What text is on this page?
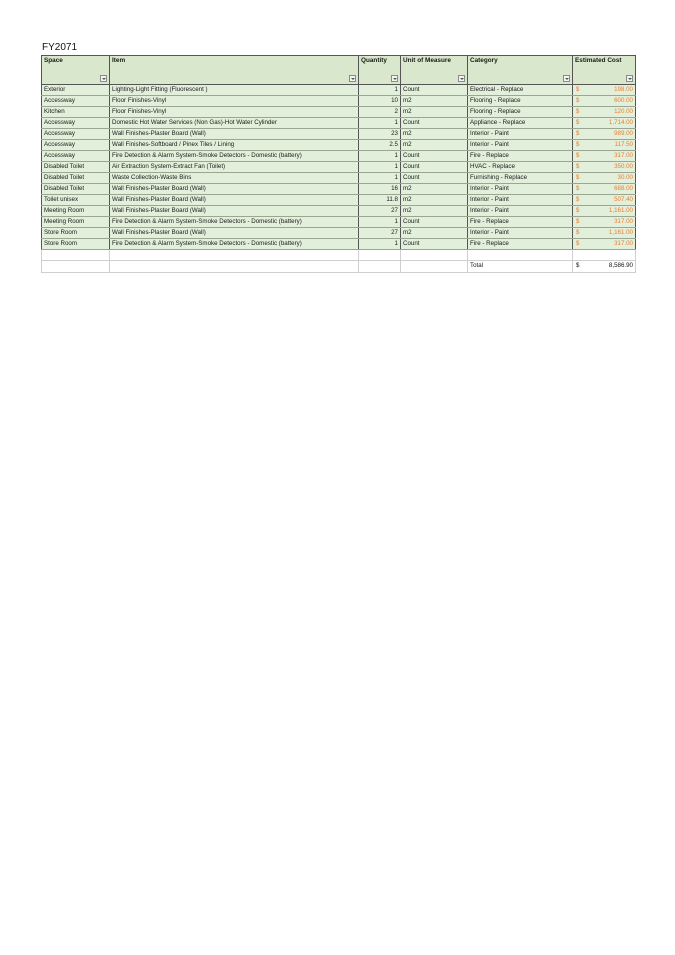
FY2071
Space	Item	Quantity	Unit of Measure	Category	Estimated Cost

Exterior	Lighting-Light Fitting (Fluorescent )	1	Count	Electrical - Replace	$ 198.00

Accessway	Floor Finishes-Vinyl	10	m2	Flooring - Replace	$ 600.00

Kitchen	Floor Finishes-Vinyl	2	m2	Flooring - Replace	$ 120.00

Accessway	Domestic Hot Water Services (Non Gas)-Hot Water Cylinder	1	Count	Appliance - Replace	$ 1,714.00

Accessway	Wall Finishes-Plaster Board (Wall)	23	m2	Interior - Paint	$ 989.00

Accessway	Wall Finishes-Softboard / Pinex Tiles / Lining	2.5	m2	Interior - Paint	$ 117.50

Accessway	Fire Detection & Alarm System-Smoke Detectors - Domestic (battery)	1	Count	Fire - Replace	$ 317.00

Disabled Toilet	Air Extraction System-Extract Fan (Toilet)	1	Count	HVAC - Replace	$ 350.00

Disabled Toilet	Waste Collection-Waste Bins	1	Count	Furnishing - Replace	$ 30.00

Disabled Toilet	Wall Finishes-Plaster Board (Wall)	16	m2	Interior - Paint	$ 688.00

Toilet unisex	Wall Finishes-Plaster Board (Wall)	11.8	m2	Interior - Paint	$ 507.40

Meeting Room	Wall Finishes-Plaster Board (Wall)	27	m2	Interior - Paint	$ 1,161.00

Meeting Room	Fire Detection & Alarm System-Smoke Detectors - Domestic (battery)	1	Count	Fire - Replace	$ 317.00

Store Room	Wall Finishes-Plaster Board (Wall)	27	m2	Interior - Paint	$ 1,161.00

Store Room	Fire Detection & Alarm System-Smoke Detectors - Domestic (battery)	1	Count	Fire - Replace	$ 317.00

				Total	$ 8,586.90
